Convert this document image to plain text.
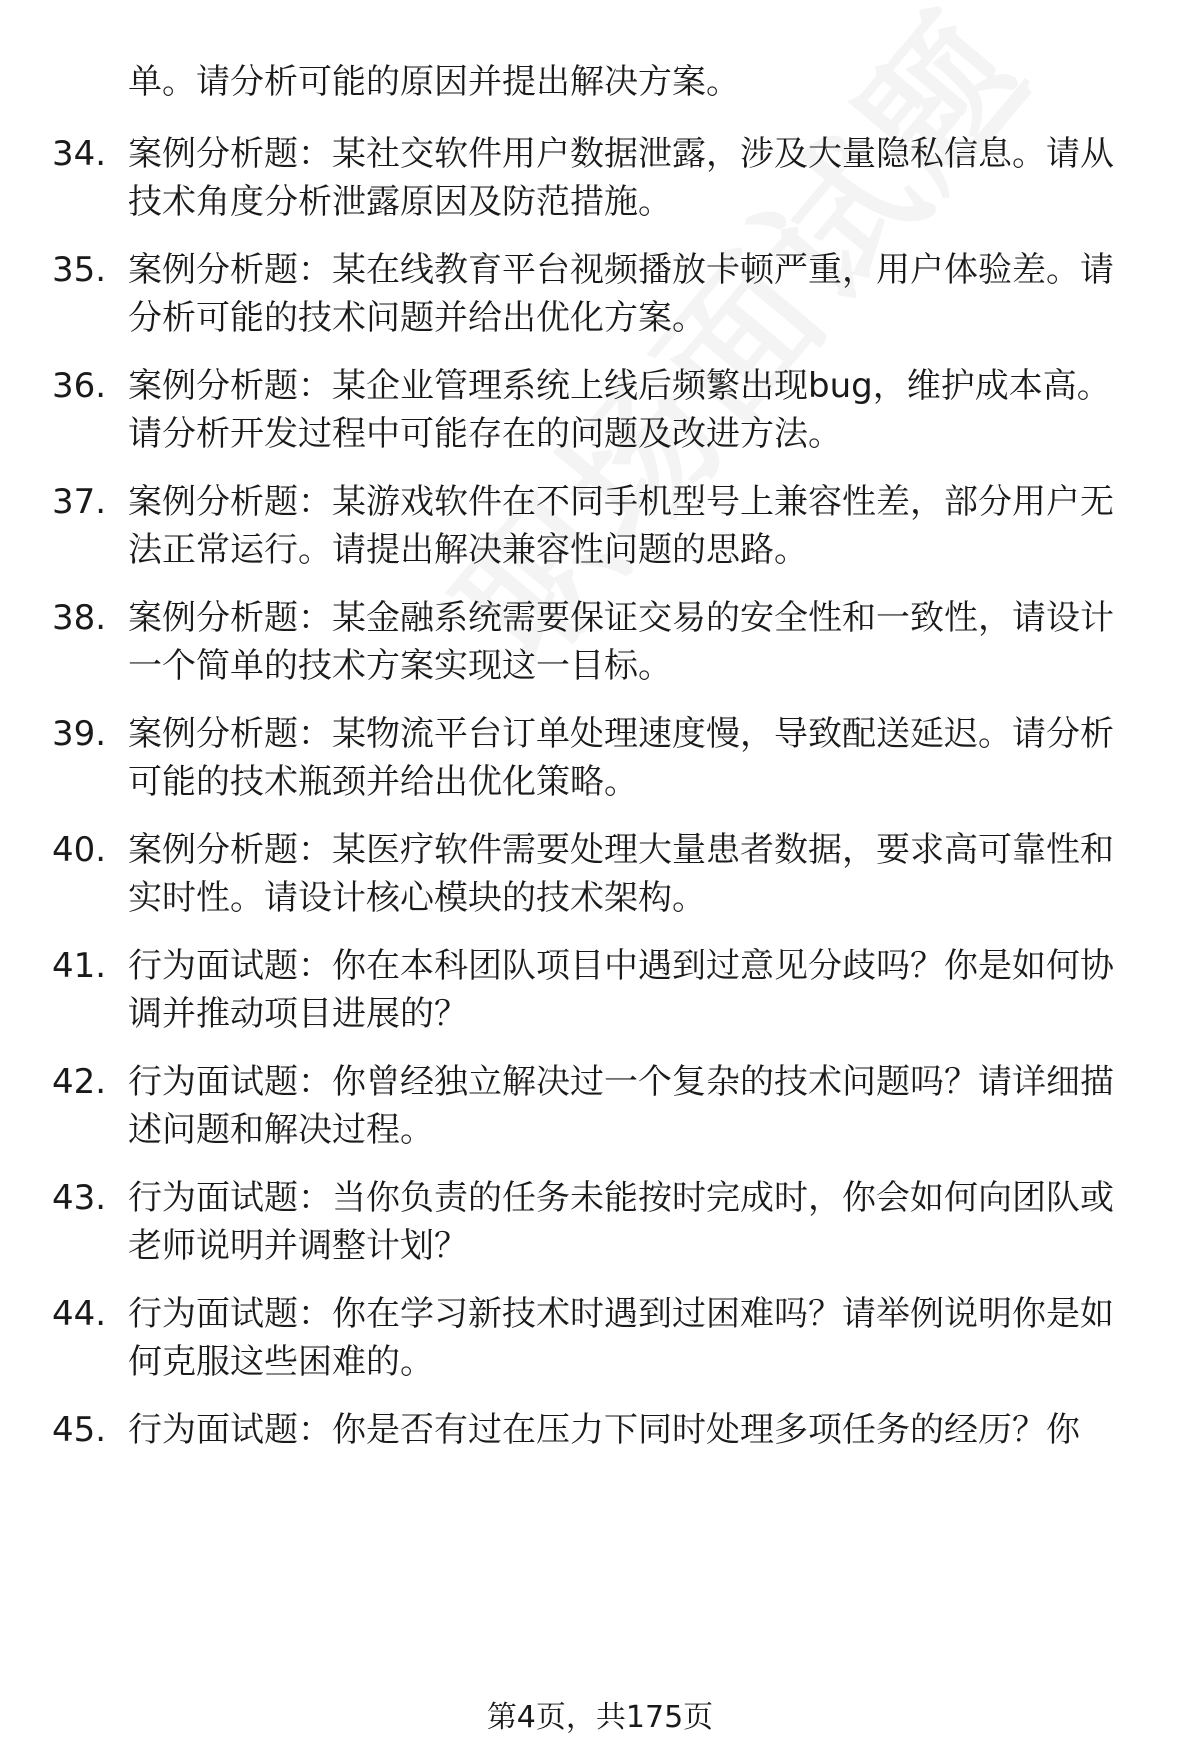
单。请分析可能的原因并提出解决方案。
34. 案例分析题：某社交软件用户数据泄露，涉及大量隐私信息。请从技术角度分析泄露原因及防范措施。
35. 案例分析题：某在线教育平台视频播放卡顿严重，用户体验差。请分析可能的技术问题并给出优化方案。
36. 案例分析题：某企业管理系统上线后频繁出现bug，维护成本高。请分析开发过程中可能存在的问题及改进方法。
37. 案例分析题：某游戏软件在不同手机型号上兼容性差，部分用户无法正常运行。请提出解决兼容性问题的思路。
38. 案例分析题：某金融系统需要保证交易的安全性和一致性，请设计一个简单的技术方案实现这一目标。
39. 案例分析题：某物流平台订单处理速度慢，导致配送延迟。请分析可能的技术瓶颈并给出优化策略。
40. 案例分析题：某医疗软件需要处理大量患者数据，要求高可靠性和实时性。请设计核心模块的技术架构。
41. 行为面试题：你在本科团队项目中遇到过意见分歧吗？你是如何协调并推动项目进展的？
42. 行为面试题：你曾经独立解决过一个复杂的技术问题吗？请详细描述问题和解决过程。
43. 行为面试题：当你负责的任务未能按时完成时，你会如何向团队或老师说明并调整计划？
44. 行为面试题：你在学习新技术时遇到过困难吗？请举例说明你是如何克服这些困难的。
45. 行为面试题：你是否有过在压力下同时处理多项任务的经历？你
第4页，共175页
